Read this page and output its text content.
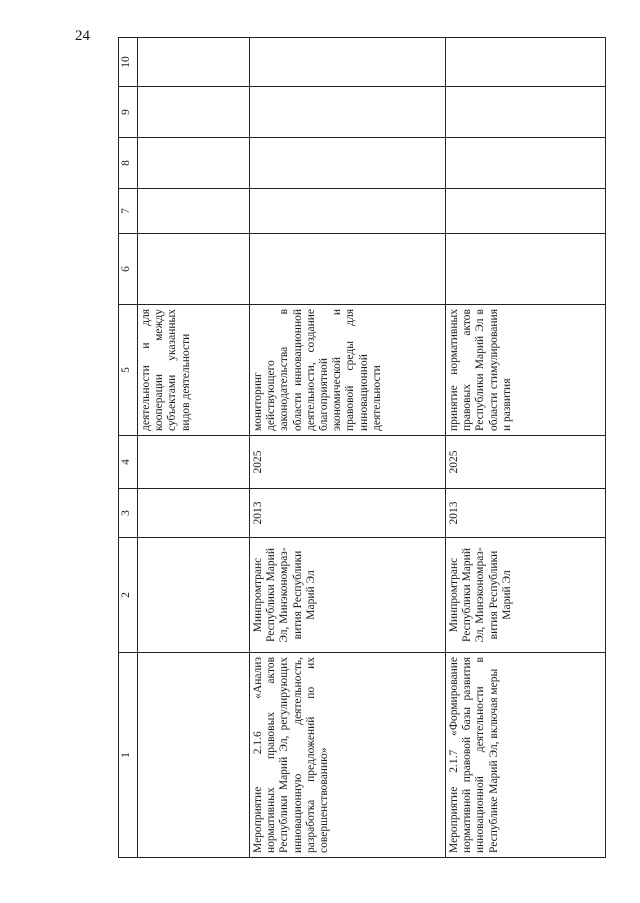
24
1	2	3	4	5	6	7	8	9	10
				деятельности и для кооперации между субъектами указанных видов деятельности					
Мероприятие 2.1.6 «Анализ нормативных правовых актов Республики Марий Эл, регулирующих инновационную деятельность, разработка предложений по их совершенствованию»	Минпромтранс Республики Марий Эл, Минэкономраз-вития Республики Марий Эл	2013	2025	мониторинг действующего законодательства в области инновационной деятельности, создание благоприятной экономической и правовой среды для инновационной деятельности					
Мероприятие 2.1.7 «Формирование нормативной правовой базы развития инновационной деятельности в Республике Марий Эл, включая меры	Минпромтранс Республики Марий Эл, Минэкономраз-вития Республики Марий Эл	2013	2025	принятие нормативных правовых актов Республики Марий Эл в области стимулирования и развития					
